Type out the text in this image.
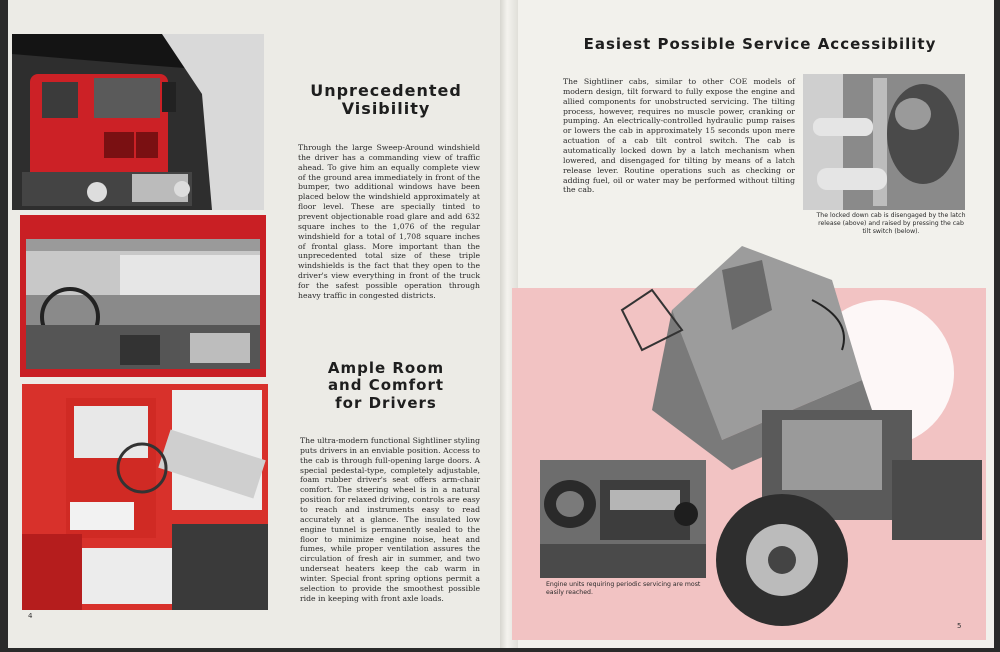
Unprecedented
Visibility
Through the large Sweep-Around windshield the driver has a commanding view of traffic ahead. To give him an equally complete view of the ground area immediately in front of the bumper, two additional windows have been placed below the windshield approximately at floor level. These are specially tinted to prevent objectionable road glare and add 632 square inches to the 1,076 of the regular windshield for a total of 1,708 square inches of frontal glass. More important than the unprecedented total size of these triple windshields is the fact that they open to the driver's view everything in front of the truck for the safest possible operation through heavy traffic in congested districts.
Ample Room
and Comfort
for Drivers
The ultra-modern functional Sightliner styling puts drivers in an enviable position. Access to the cab is through full-opening large doors. A special pedestal-type, completely adjustable, foam rubber driver's seat offers arm-chair comfort. The steering wheel is in a natural position for relaxed driving, controls are easy to reach and instruments easy to read accurately at a glance. The insulated low engine tunnel is permanently sealed to the floor to minimize engine noise, heat and fumes, while proper ventilation assures the circulation of fresh air in summer, and two underseat heaters keep the cab warm in winter. Special front spring options permit a selection to provide the smoothest possible ride in keeping with front axle loads.
4
Easiest Possible Service Accessibility
The Sightliner cabs, similar to other COE models of modern design, tilt forward to fully expose the engine and allied components for unobstructed servicing. The tilting process, however, requires no muscle power, cranking or pumping. An electrically-controlled hydraulic pump raises or lowers the cab in approximately 15 seconds upon mere actuation of a cab tilt control switch. The cab is automatically locked down by a latch mechanism when lowered, and disengaged for tilting by means of a latch release lever. Routine operations such as checking or adding fuel, oil or water may be performed without tilting the cab.
The locked down cab is disengaged by the latch release (above) and raised by pressing the cab tilt switch (below).
Engine units requiring periodic servicing are most easily reached.
5
